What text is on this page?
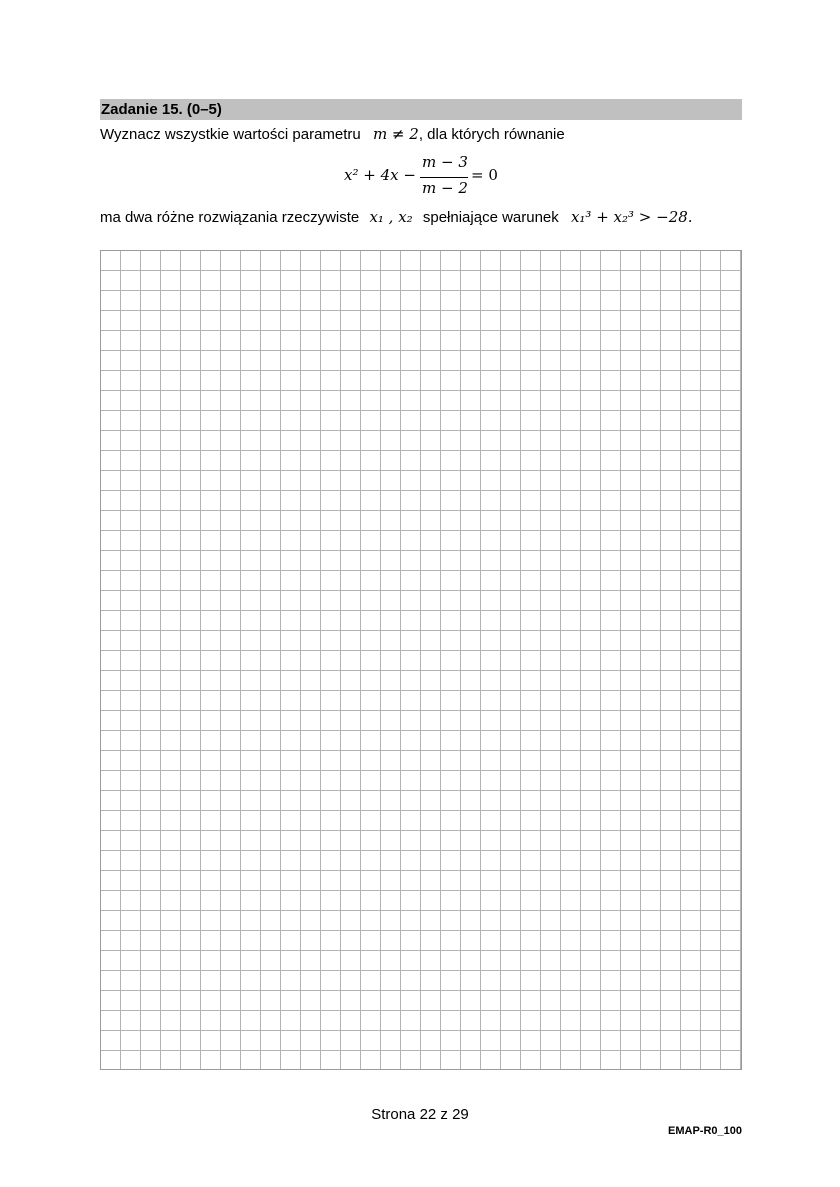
Zadanie 15. (0–5)
Wyznacz wszystkie wartości parametru m ≠ 2, dla których równanie
x² + 4x −
m − 3
m − 2
= 0
ma dwa różne rozwiązania rzeczywiste x₁ , x₂ spełniające warunek x₁³ + x₂³ > −28.
Strona 22 z 29
EMAP-R0_100
